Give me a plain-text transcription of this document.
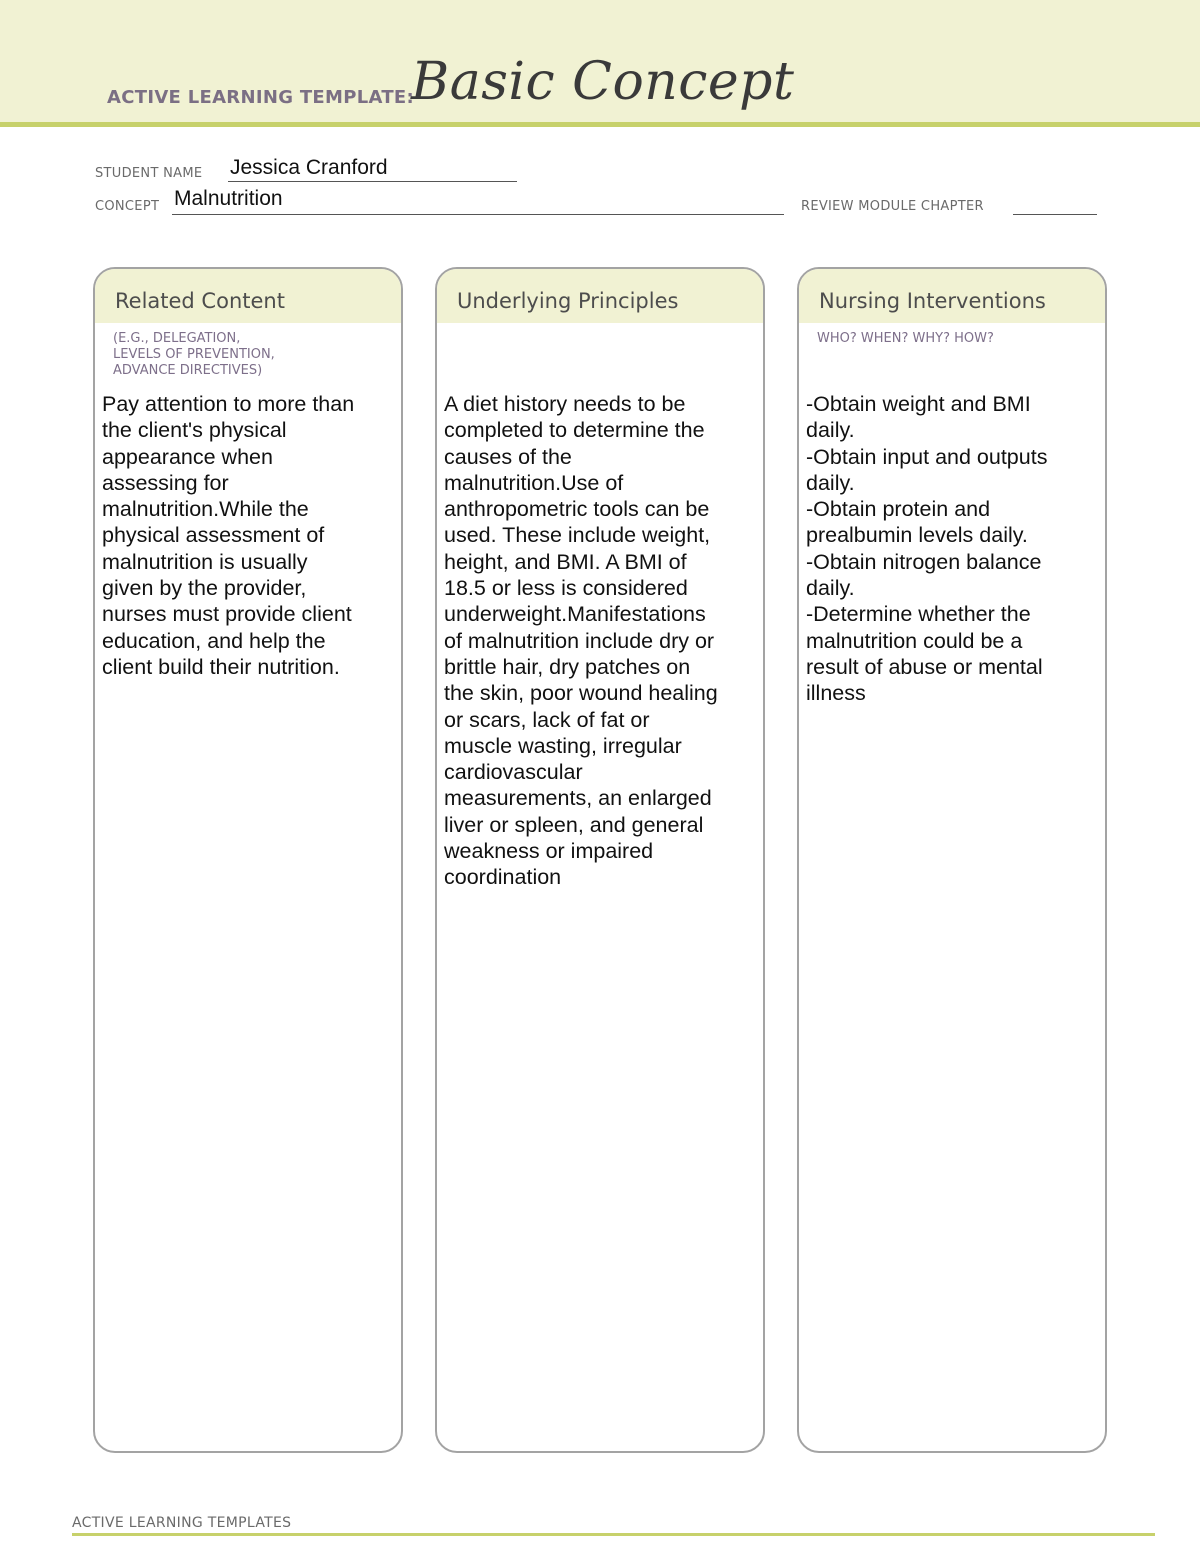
ACTIVE LEARNING TEMPLATE:
Basic Concept
STUDENT NAME Jessica Cranford
CONCEPT Malnutrition	REVIEW MODULE CHAPTER
Related Content
(E.G., DELEGATION,
LEVELS OF PREVENTION,
ADVANCE DIRECTIVES)
Pay attention to more than
the client's physical
appearance when
assessing for
malnutrition.While the
physical assessment of
malnutrition is usually
given by the provider,
nurses must provide client
education, and help the
client build their nutrition.
Underlying Principles
A diet history needs to be
completed to determine the
causes of the
malnutrition.Use of
anthropometric tools can be
used. These include weight,
height, and BMI. A BMI of
18.5 or less is considered
underweight.Manifestations
of malnutrition include dry or
brittle hair, dry patches on
the skin, poor wound healing
or scars, lack of fat or
muscle wasting, irregular
cardiovascular
measurements, an enlarged
liver or spleen, and general
weakness or impaired
coordination
Nursing Interventions
WHO? WHEN? WHY? HOW?
-Obtain weight and BMI
daily.
-Obtain input and outputs
daily.
-Obtain protein and
prealbumin levels daily.
-Obtain nitrogen balance
daily.
-Determine whether the
malnutrition could be a
result of abuse or mental
illness
ACTIVE LEARNING TEMPLATES
